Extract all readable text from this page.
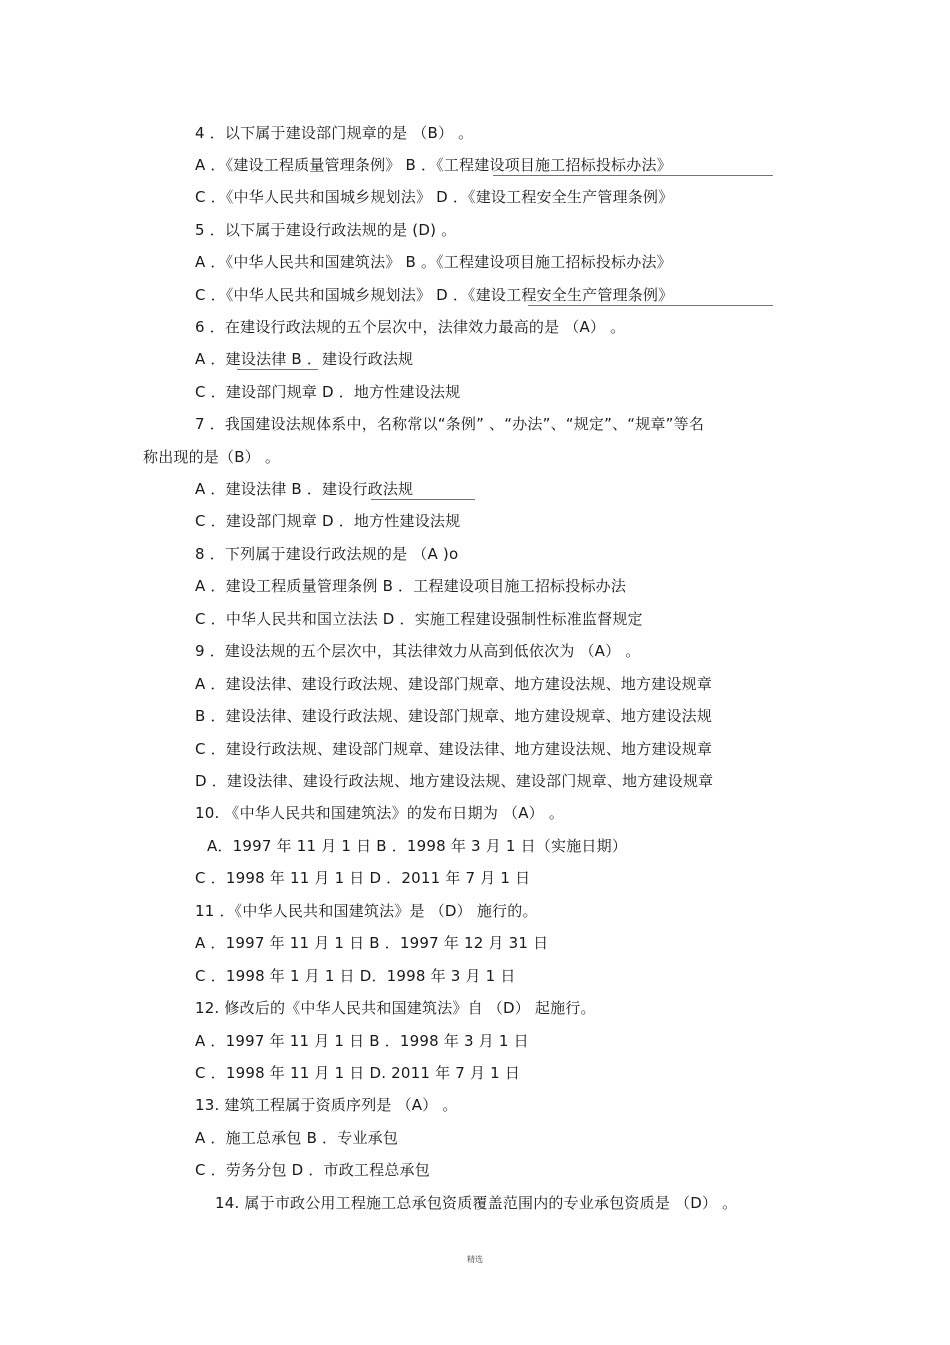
4 ．以下属于建设部门规章的是 （B） 。
A ．《建设工程质量管理条例》 B ．《工程建设项目施工招标投标办法》
C ．《中华人民共和国城乡规划法》 D ．《建设工程安全生产管理条例》
5 ．以下属于建设行政法规的是 (D) 。
A ．《中华人民共和国建筑法》 B 。《工程建设项目施工招标投标办法》
C ．《中华人民共和国城乡规划法》 D ．《建设工程安全生产管理条例》
6 ．在建设行政法规的五个层次中，法律效力最高的是 （A） 。
A ．建设法律 B ．建设行政法规
C ．建设部门规章 D ．地方性建设法规
7 ．我国建设法规体系中，名称常以“条例” 、“办法”、“规定”、“规章”等名
称出现的是（B） 。
A ．建设法律 B ．建设行政法规
C ．建设部门规章 D ．地方性建设法规
8 ．下列属于建设行政法规的是 （A )o
A ．建设工程质量管理条例 B ．工程建设项目施工招标投标办法
C ．中华人民共和国立法法 D ．实施工程建设强制性标准监督规定
9 ．建设法规的五个层次中，其法律效力从高到低依次为 （A） 。
A ．建设法律、建设行政法规、建设部门规章、地方建设法规、地方建设规章
B ．建设法律、建设行政法规、建设部门规章、地方建设规章、地方建设法规
C ．建设行政法规、建设部门规章、建设法律、地方建设法规、地方建设规章
D ．建设法律、建设行政法规、地方建设法规、建设部门规章、地方建设规章
10. 《中华人民共和国建筑法》的发布日期为 （A） 。
A．1997 年 11 月 1 日 B ．1998 年 3 月 1 日（实施日期）
C ．1998 年 11 月 1 日 D ．2011 年 7 月 1 日
11 ．《中华人民共和国建筑法》是 （D） 施行的。
A ．1997 年 11 月 1 日 B ．1997 年 12 月 31 日
C ．1998 年 1 月 1 日 D．1998 年 3 月 1 日
12. 修改后的《中华人民共和国建筑法》自 （D） 起施行。
A ．1997 年 11 月 1 日 B ．1998 年 3 月 1 日
C ．1998 年 11 月 1 日 D. 2011 年 7 月 1 日
13. 建筑工程属于资质序列是 （A） 。
A ．施工总承包 B ．专业承包
C ．劳务分包 D ．市政工程总承包
14. 属于市政公用工程施工总承包资质覆盖范围内的专业承包资质是 （D） 。
精选
